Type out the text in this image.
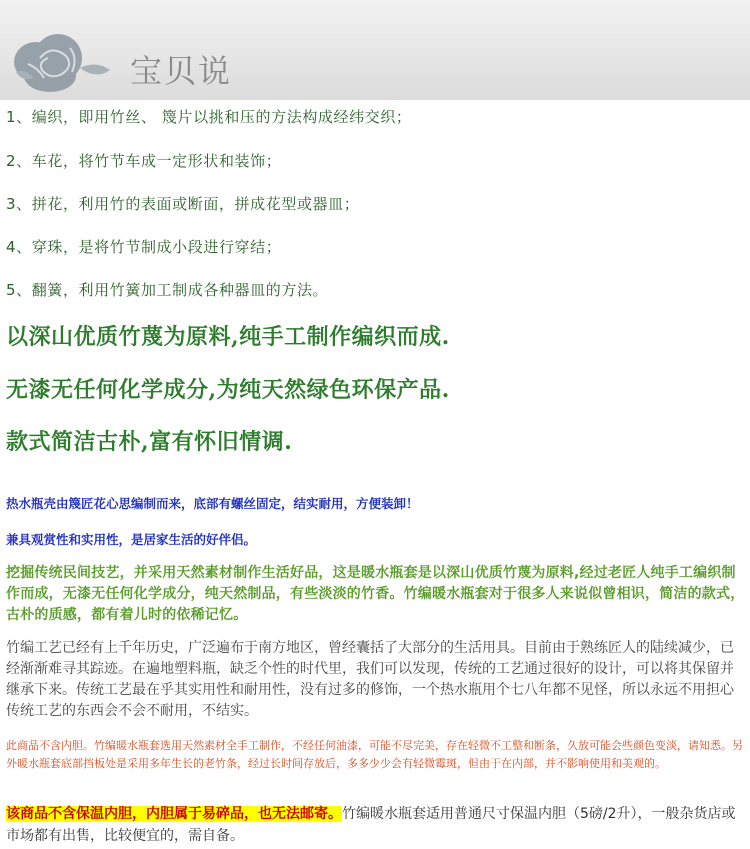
宝贝说
1、编织，即用竹丝、 篾片以挑和压的方法构成经纬交织；
2、车花，将竹节车成一定形状和装饰；
3、拼花，利用竹的表面或断面，拼成花型或器皿；
4、穿珠，是将竹节制成小段进行穿结；
5、翻簧，利用竹簧加工制成各种器皿的方法。
以深山优质竹蔑为原料,纯手工制作编织而成.
无漆无任何化学成分,为纯天然绿色环保产品.
款式简洁古朴,富有怀旧情调.
热水瓶壳由篾匠花心思编制而来，底部有螺丝固定，结实耐用，方便装卸！
兼具观赏性和实用性，是居家生活的好伴侣。
挖掘传统民间技艺，并采用天然素材制作生活好品，这是暖水瓶套是以深山优质竹蔑为原料,经过老匠人纯手工编织制作而成，无漆无任何化学成分，纯天然制品，有些淡淡的竹香。竹编暖水瓶套对于很多人来说似曾相识，简洁的款式，古朴的质感，都有着儿时的依稀记忆。
竹编工艺已经有上千年历史，广泛遍布于南方地区，曾经囊括了大部分的生活用具。目前由于熟练匠人的陆续减少，已经渐渐难寻其踪迹。在遍地塑料瓶，缺乏个性的时代里，我们可以发现，传统的工艺通过很好的设计，可以将其保留并继承下来。传统工艺最在乎其实用性和耐用性，没有过多的修饰，一个热水瓶用个七八年都不见怪，所以永远不用担心传统工艺的东西会不会不耐用，不结实。
此商品不含内胆。竹编暖水瓶套选用天然素材全手工制作，不经任何油漆，可能不尽完美，存在轻微不工整和断条，久放可能会些颜色变淡，请知悉。另外暖水瓶套底部挡板处是采用多年生长的老竹条，经过长时间存放后，多多少少会有轻微霉斑，但由于在内部，并不影响使用和美观的。
该商品不含保温内胆，内胆属于易碎品，也无法邮寄。竹编暖水瓶套适用普通尺寸保温内胆（5磅/2升），一般杂货店或市场都有出售，比较便宜的，需自备。
